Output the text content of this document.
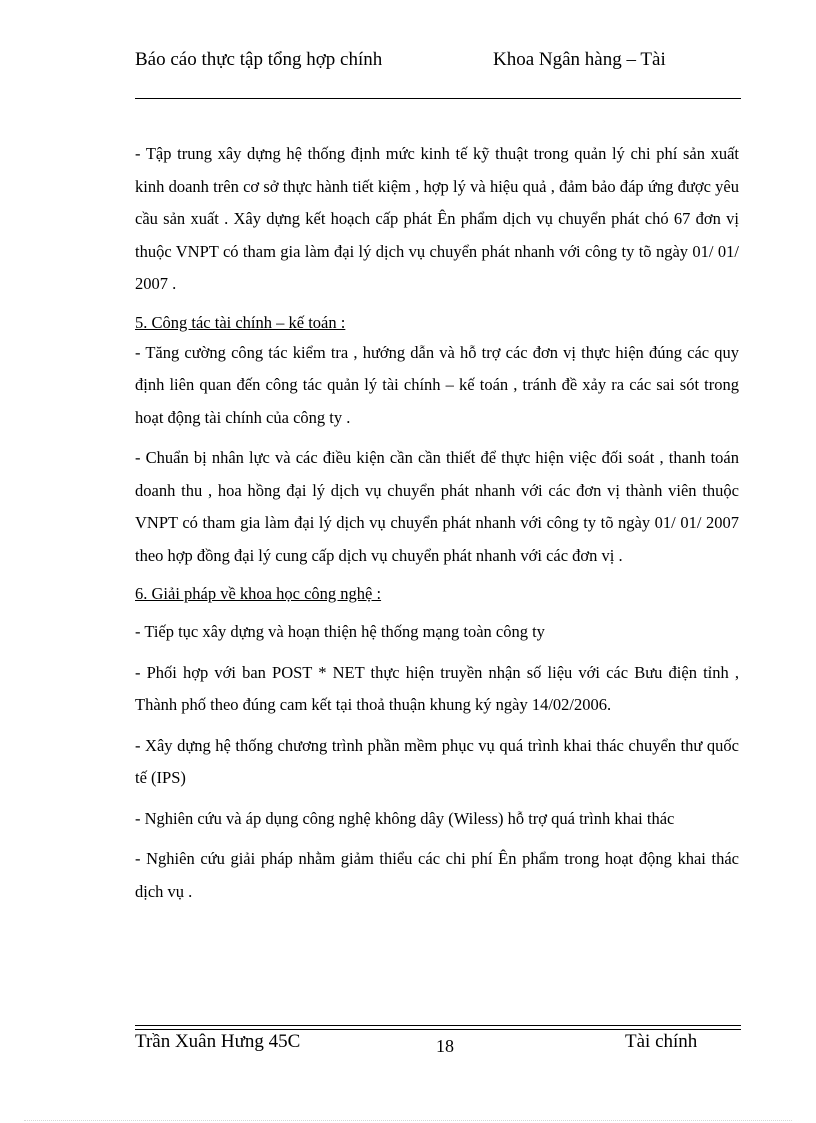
Báo cáo thực tập tổng hợp chính	Khoa Ngân hàng – Tài

- Tập trung xây dựng hệ thống định mức kinh tế kỹ thuật trong quản lý chi phí sản xuất kinh doanh trên cơ sở thực hành tiết kiệm , hợp lý và hiệu quả , đảm bảo đáp ứng được yêu cầu sản xuất . Xây dựng kết hoạch cấp phát Ên phẩm dịch vụ chuyển phát chó 67 đơn vị thuộc VNPT có tham gia làm đại lý dịch vụ chuyển phát nhanh với công ty tõ ngày 01/ 01/ 2007 .

5. Công tác tài chính – kế toán :

- Tăng cường công tác kiểm tra , hướng dẫn và hỗ trợ các đơn vị thực hiện đúng các quy định liên quan đến công tác quản lý tài chính – kế toán , tránh đề xảy ra các sai sót trong hoạt động tài chính của công ty .

- Chuẩn bị nhân lực và các điều kiện cần cần thiết để thực hiện việc đối soát , thanh toán doanh thu , hoa hồng đại lý dịch vụ chuyển phát nhanh với các đơn vị thành viên thuộc VNPT có tham gia làm đại lý dịch vụ chuyển phát nhanh với công ty tõ ngày 01/ 01/ 2007 theo hợp đồng đại lý cung cấp dịch vụ chuyển phát nhanh với các đơn vị .

6. Giải pháp về khoa học công nghệ :

- Tiếp tục xây dựng và hoạn thiện hệ thống mạng toàn công ty

- Phối hợp với ban POST * NET thực hiện truyền nhận số liệu với các Bưu điện tỉnh , Thành phố theo đúng cam kết tại thoả thuận khung ký ngày 14/02/2006.

- Xây dựng hệ thống chương trình phần mềm phục vụ quá trình khai thác chuyển thư quốc tế (IPS)

- Nghiên cứu và áp dụng công nghệ không dây (Wiless) hỗ trợ quá trình khai thác

- Nghiên cứu giải pháp nhằm giảm thiểu các chi phí Ên phẩm trong hoạt động khai thác dịch vụ .

Trần Xuân Hưng 45C	18	Tài chính
